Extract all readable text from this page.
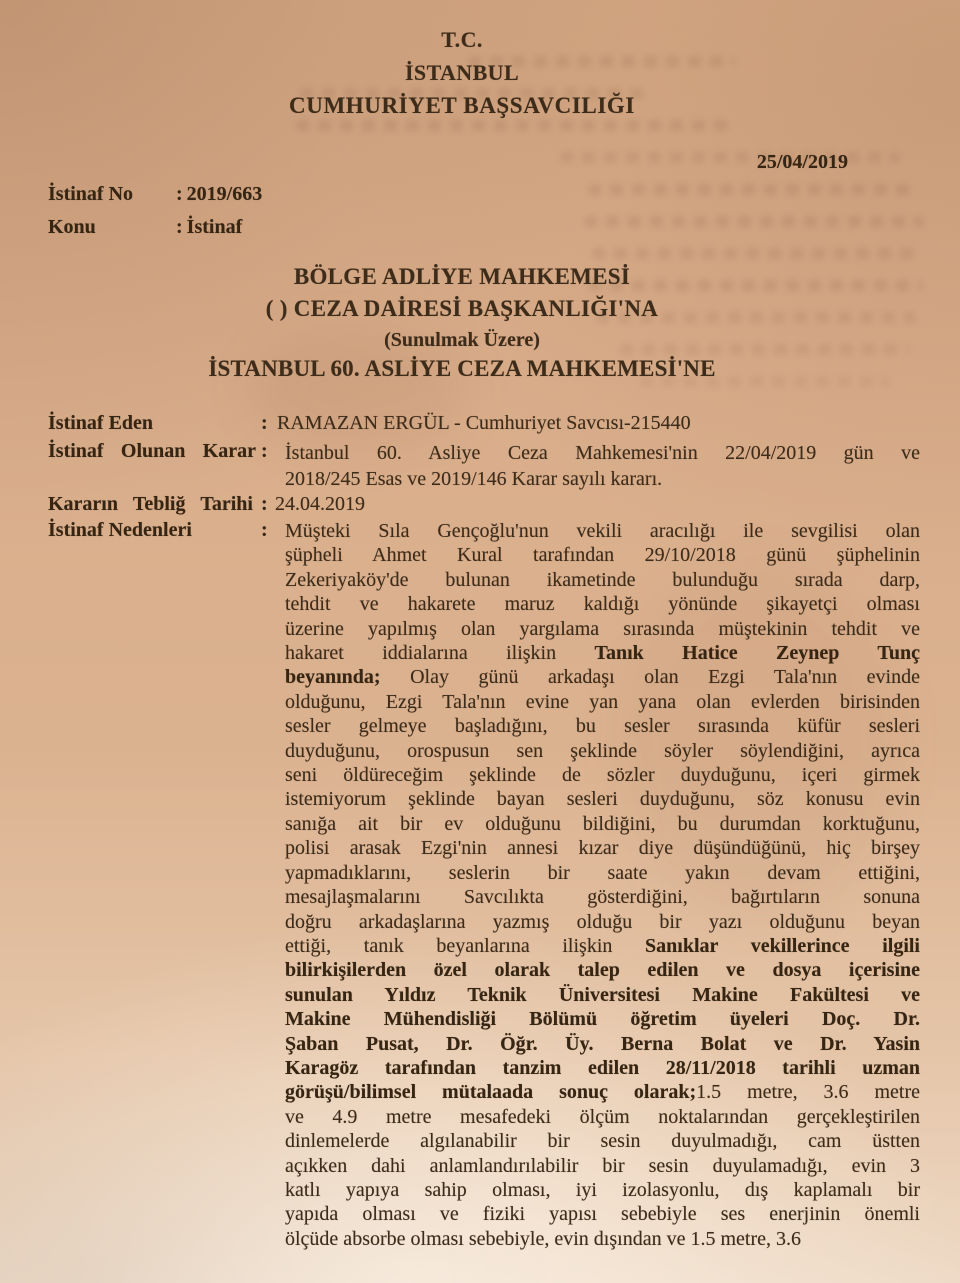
T.C.
İSTANBUL
CUMHURİYET BAŞSAVCILIĞI
25/04/2019
İstinaf No : 2019/663
Konu	: İstinaf
BÖLGE ADLİYE MAHKEMESİ
( ) CEZA DAİRESİ BAŞKANLIĞI'NA
(Sunulmak Üzere)
İSTANBUL 60. ASLİYE CEZA MAHKEMESİ'NE
İstinaf Eden	: RAMAZAN ERGÜL - Cumhuriyet Savcısı-215440
İstinaf Olunan Karar : İstanbul 60. Asliye Ceza Mahkemesi'nin 22/04/2019 gün ve
2018/245 Esas ve 2019/146 Karar sayılı kararı.
Kararın Tebliğ Tarihi : 24.04.2019
İstinaf Nedenleri	: Müşteki Sıla Gençoğlu'nun vekili aracılığı ile sevgilisi olan
şüpheli Ahmet Kural tarafından 29/10/2018 günü şüphelinin
Zekeriyaköy'de bulunan ikametinde bulunduğu sırada darp,
tehdit ve hakarete maruz kaldığı yönünde şikayetçi olması
üzerine yapılmış olan yargılama sırasında müştekinin tehdit ve
hakaret iddialarına ilişkin Tanık Hatice Zeynep Tunç
beyanında; Olay günü arkadaşı olan Ezgi Tala'nın evinde
olduğunu, Ezgi Tala'nın evine yan yana olan evlerden birisinden
sesler gelmeye başladığını, bu sesler sırasında küfür sesleri
duyduğunu, orospusun sen şeklinde söyler söylendiğini, ayrıca
seni öldüreceğim şeklinde de sözler duyduğunu, içeri girmek
istemiyorum şeklinde bayan sesleri duyduğunu, söz konusu evin
sanığa ait bir ev olduğunu bildiğini, bu durumdan korktuğunu,
polisi arasak Ezgi'nin annesi kızar diye düşündüğünü, hiç birşey
yapmadıklarını, seslerin bir saate yakın devam ettiğini,
mesajlaşmalarını Savcılıkta gösterdiğini, bağırtıların sonuna
doğru arkadaşlarına yazmış olduğu bir yazı olduğunu beyan
ettiği, tanık beyanlarına ilişkin Sanıklar vekillerince ilgili
bilirkişilerden özel olarak talep edilen ve dosya içerisine
sunulan Yıldız Teknik Üniversitesi Makine Fakültesi ve
Makine Mühendisliği Bölümü öğretim üyeleri Doç. Dr.
Şaban Pusat, Dr. Öğr. Üy. Berna Bolat ve Dr. Yasin
Karagöz tarafından tanzim edilen 28/11/2018 tarihli uzman
görüşü/bilimsel mütalaada sonuç olarak;1.5 metre, 3.6 metre
ve 4.9 metre mesafedeki ölçüm noktalarından gerçekleştirilen
dinlemelerde algılanabilir bir sesin duyulmadığı, cam üstten
açıkken dahi anlamlandırılabilir bir sesin duyulamadığı, evin 3
katlı yapıya sahip olması, iyi izolasyonlu, dış kaplamalı bir
yapıda olması ve fiziki yapısı sebebiyle ses enerjinin önemli
ölçüde absorbe olması sebebiyle, evin dışından ve 1.5 metre, 3.6
